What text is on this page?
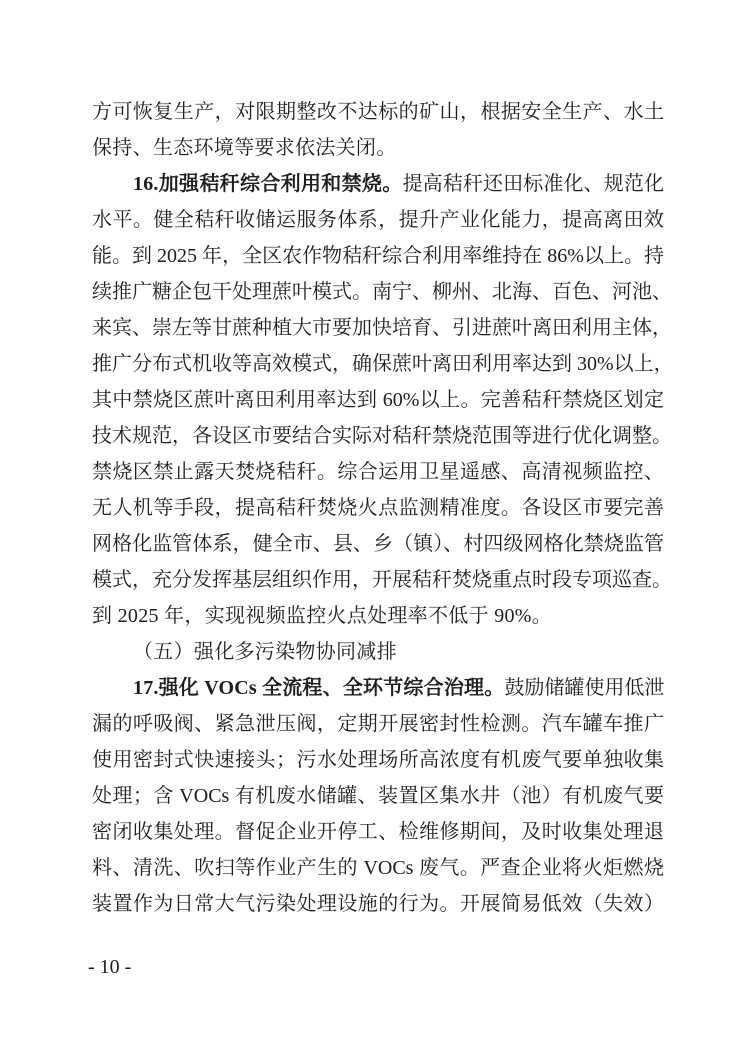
方可恢复生产，对限期整改不达标的矿山，根据安全生产、水土
保持、生态环境等要求依法关闭。
16.加强秸秆综合利用和禁烧。提高秸秆还田标准化、规范化
水平。健全秸秆收储运服务体系，提升产业化能力，提高离田效
能。到 2025 年，全区农作物秸秆综合利用率维持在 86%以上。持
续推广糖企包干处理蔗叶模式。南宁、柳州、北海、百色、河池、
来宾、崇左等甘蔗种植大市要加快培育、引进蔗叶离田利用主体，
推广分布式机收等高效模式，确保蔗叶离田利用率达到 30%以上，
其中禁烧区蔗叶离田利用率达到 60%以上。完善秸秆禁烧区划定
技术规范，各设区市要结合实际对秸秆禁烧范围等进行优化调整。
禁烧区禁止露天焚烧秸秆。综合运用卫星遥感、高清视频监控、
无人机等手段，提高秸秆焚烧火点监测精准度。各设区市要完善
网格化监管体系，健全市、县、乡（镇）、村四级网格化禁烧监管
模式，充分发挥基层组织作用，开展秸秆焚烧重点时段专项巡查。
到 2025 年，实现视频监控火点处理率不低于 90%。
（五）强化多污染物协同减排
17.强化 VOCs 全流程、全环节综合治理。鼓励储罐使用低泄
漏的呼吸阀、紧急泄压阀，定期开展密封性检测。汽车罐车推广
使用密封式快速接头；污水处理场所高浓度有机废气要单独收集
处理；含 VOCs 有机废水储罐、装置区集水井（池）有机废气要
密闭收集处理。督促企业开停工、检维修期间，及时收集处理退
料、清洗、吹扫等作业产生的 VOCs 废气。严查企业将火炬燃烧
装置作为日常大气污染处理设施的行为。开展简易低效（失效）
- 10 -
